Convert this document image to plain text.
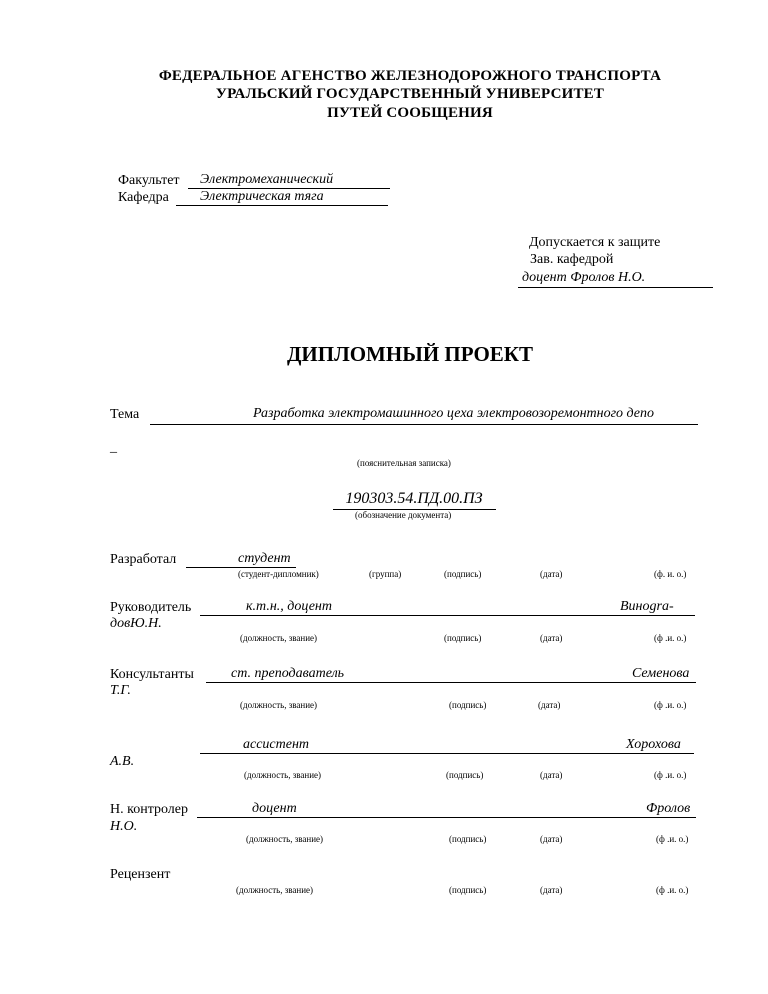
ФЕДЕРАЛЬНОЕ АГЕНСТВО ЖЕЛЕЗНОДОРОЖНОГО ТРАНСПОРТА
УРАЛЬСКИЙ ГОСУДАРСТВЕННЫЙ УНИВЕРСИТЕТ
ПУТЕЙ СООБЩЕНИЯ
Факультет Электромеханический
Кафедра Электрическая тяга
Допускается к защите
Зав. кафедрой
доцент Фролов Н.О.
ДИПЛОМНЫЙ ПРОЕКТ
Тема	Разработка электромашинного цеха электровозоремонтного депо
_
(пояснительная записка)
190303.54.ПД.00.ПЗ
(обозначение документа)
Разработал	студент
(студент-дипломник)	(группа)	(подпись)	(дата)	(ф. и. о.)
Руководитель	к.т.н., доцент	Винogra-
довЮ.Н.
(должность, звание)	(подпись)	(дата)	(ф .и. о.)
Консультанты	ст. преподаватель	Семенова
Т.Г.
(должность, звание)	(подпись)	(дата)	(ф .и. о.)
ассистент	Хорохова
А.В.
(должность, звание)	(подпись)	(дата)	(ф .и. о.)
Н. контролер	доцент	Фролов
Н.О.
(должность, звание)	(подпись)	(дата)	(ф .и. о.)
Рецензент
(должность, звание)	(подпись)	(дата)	(ф .и. о.)
